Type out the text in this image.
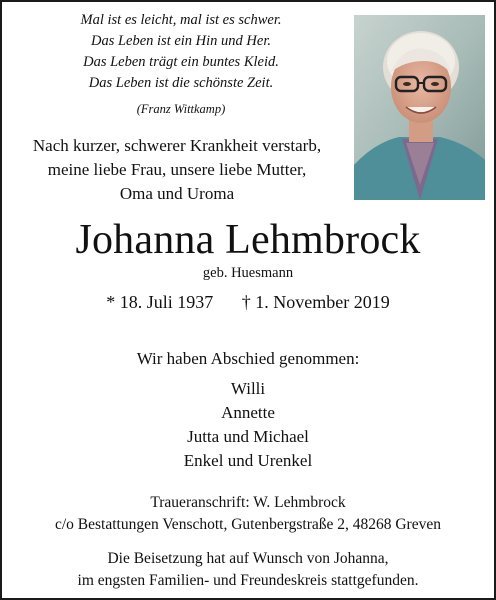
Mal ist es leicht, mal ist es schwer.
Das Leben ist ein Hin und Her.
Das Leben trägt ein buntes Kleid.
Das Leben ist die schönste Zeit.
(Franz Wittkamp)
Nach kurzer, schwerer Krankheit verstarb,
meine liebe Frau, unsere liebe Mutter,
Oma und Uroma
Johanna Lehmbrock
geb. Huesmann
* 18. Juli 1937 † 1. November 2019
Wir haben Abschied genommen:
Willi
Annette
Jutta und Michael
Enkel und Urenkel
Traueranschrift: W. Lehmbrock
c/o Bestattungen Venschott, Gutenbergstraße 2, 48268 Greven
Die Beisetzung hat auf Wunsch von Johanna,
im engsten Familien- und Freundeskreis stattgefunden.
